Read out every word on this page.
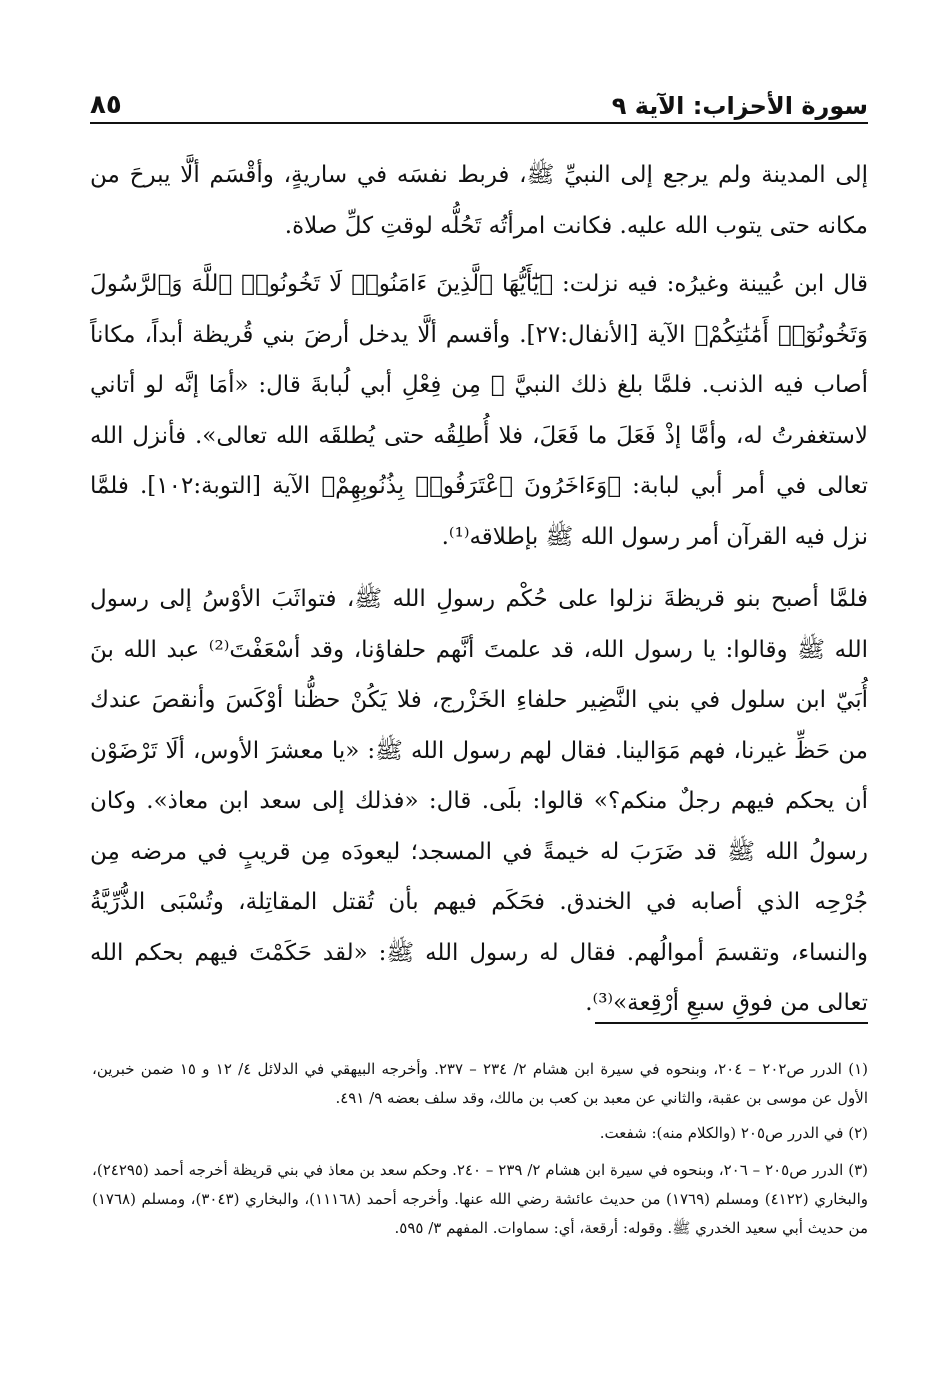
سورة الأحزاب: الآية ٩
٨٥

إلى المدينة ولم يرجع إلى النبيِّ ﷺ، فربط نفسَه في ساريةٍ، وأقْسَم ألَّا يبرحَ من مكانه حتى يتوب الله عليه. فكانت امرأتُه تَحُلُّه لوقتِ كلِّ صلاة.

قال ابن عُيينة وغيرُه: فيه نزلت: ﴿يَٰٓأَيُّهَا ٱلَّذِينَ ءَامَنُوا۟ لَا تَخُونُوا۟ ٱللَّهَ وَٱلرَّسُولَ وَتَخُونُوٓا۟ أَمَٰنَٰتِكُمْ﴾ الآية [الأنفال:٢٧]. وأقسم ألَّا يدخل أرضَ بني قُريظة أبداً، مكاناً أصاب فيه الذنب. فلمَّا بلغ ذلك النبيَّ ﷺ مِن فِعْلِ أبي لُبابةَ قال: «أمَا إنَّه لو أتاني لاستغفرتُ له، وأمَّا إذْ فَعَلَ ما فَعَلَ، فلا أُطلِقُه حتى يُطلقَه الله تعالى». فأنزل الله تعالى في أمر أبي لبابة: ﴿وَءَاخَرُونَ ٱعْتَرَفُوا۟ بِذُنُوبِهِمْ﴾ الآية [التوبة:١٠٢]. فلمَّا نزل فيه القرآن أمر رسول الله ﷺ بإطلاقه⁽¹⁾.

فلمَّا أصبح بنو قريظةَ نزلوا على حُكْم رسولِ الله ﷺ، فتواثَبَ الأوْسُ إلى رسول الله ﷺ وقالوا: يا رسول الله، قد علمتَ أنَّهم حلفاؤنا، وقد أسْعَفْتَ⁽²⁾ عبد الله بنَ أُبَيّ ابن سلول في بني النَّضِير حلفاءِ الخَزْرج، فلا يَكُنْ حظُّنا أوْكَسَ وأنقصَ عندك من حَظِّ غيرنا، فهم مَوَالينا. فقال لهم رسول الله ﷺ: «يا معشرَ الأوس، ألَا تَرْضَوْن أن يحكم فيهم رجلٌ منكم؟» قالوا: بلَى. قال: «فذلك إلى سعد ابن معاذ». وكان رسولُ الله ﷺ قد ضَرَبَ له خيمةً في المسجد؛ ليعودَه مِن قريبٍ في مرضه مِن جُرْحِه الذي أصابه في الخندق. فحَكَم فيهم بأن تُقتل المقاتِلة، وتُسْبَى الذُّرِّيَّةُ والنساء، وتقسمَ أموالُهم. فقال له رسول الله ﷺ: «لقد حَكَمْتَ فيهم بحكم الله تعالى من فوقِ سبعِ أرْقِعة»⁽³⁾.

(١) الدرر ص٢٠٢ – ٢٠٤، وبنحوه في سيرة ابن هشام ٢/ ٢٣٤ – ٢٣٧. وأخرجه البيهقي في الدلائل ٤/ ١٢ و ١٥ ضمن خبرين، الأول عن موسى بن عقبة، والثاني عن معبد بن كعب بن مالك، وقد سلف بعضه ٩/ ٤٩١.

(٢) في الدرر ص٢٠٥ (والكلام منه): شفعت.

(٣) الدرر ص٢٠٥ – ٢٠٦، وبنحوه في سيرة ابن هشام ٢/ ٢٣٩ – ٢٤٠. وحكم سعد بن معاذ في بني قريظة أخرجه أحمد (٢٤٢٩٥)، والبخاري (٤١٢٢) ومسلم (١٧٦٩) من حديث عائشة رضي الله عنها. وأخرجه أحمد (١١١٦٨)، والبخاري (٣٠٤٣)، ومسلم (١٧٦٨) من حديث أبي سعيد الخدري ﷺ. وقوله: أرقعة، أي: سماوات. المفهم ٣/ ٥٩٥.
